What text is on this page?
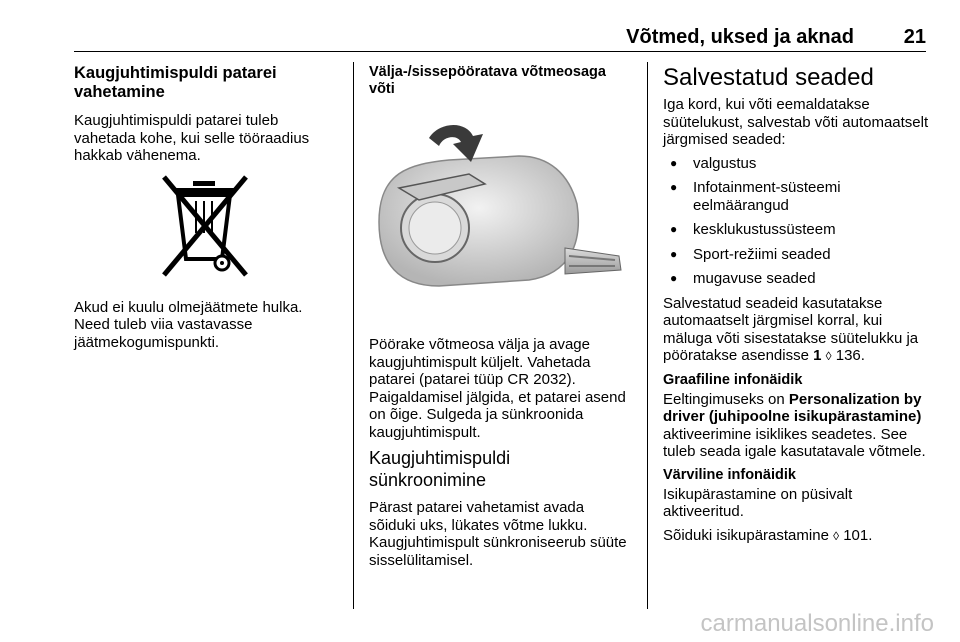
Võtmed, uksed ja aknad 21
Kaugjuhtimispuldi patarei vahetamine

Kaugjuhtimispuldi patarei tuleb vahetada kohe, kui selle tööraadius hakkab vähenema.

Akud ei kuulu olmejäätmete hulka. Need tuleb viia vastavasse jäätmekogumispunkti.

Välja-/sissepööratava võtmeosaga võti

Pöörake võtmeosa välja ja avage kaugjuhtimispult küljelt. Vahetada patarei (patarei tüüp CR 2032). Paigaldamisel jälgida, et patarei asend on õige. Sulgeda ja sünkroonida kaugjuhtimispult.

Kaugjuhtimispuldi sünkroonimine

Pärast patarei vahetamist avada sõiduki uks, lükates võtme lukku. Kaugjuhtimispult sünkroniseerub süüte sisselülitamisel.

Salvestatud seaded

Iga kord, kui võti eemaldatakse süütelukust, salvestab võti automaatselt järgmised seaded:

● valgustus
● Infotainment-süsteemi eelmäärangud
● kesklukustussüsteem
● Sport-režiimi seaded
● mugavuse seaded

Salvestatud seadeid kasutatakse automaatselt järgmisel korral, kui mäluga võti sisestatakse süütelukku ja pööratakse asendisse 1 ◊ 136.

Graafiline infonäidik

Eeltingimuseks on Personalization by driver (juhipoolne isikupärastamine) aktiveerimine isiklikes seadetes. See tuleb seada igale kasutatavale võtmele.

Värviline infonäidik

Isikupärastamine on püsivalt aktiveeritud.

Sõiduki isikupärastamine ◊ 101.

carmanualsonline.info
